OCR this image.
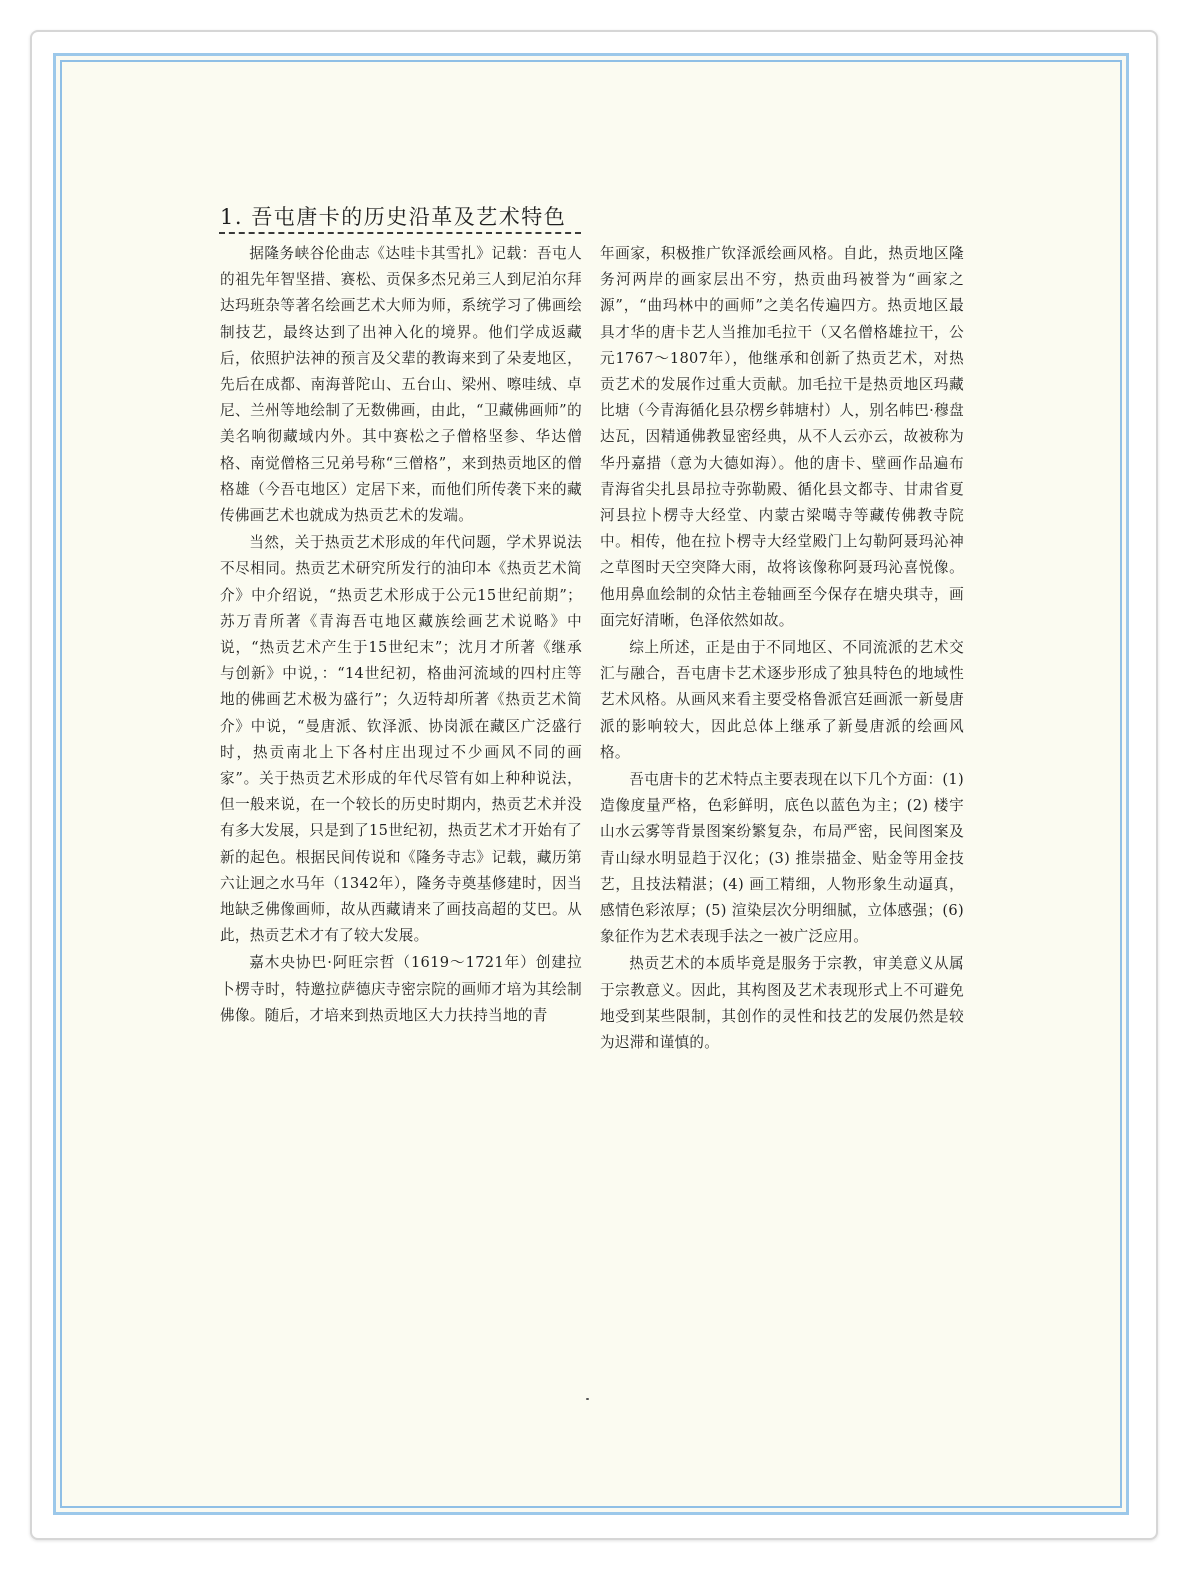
1. 吾屯唐卡的历史沿革及艺术特色

据隆务峡谷伦曲志《达哇卡其雪扎》记载：吾屯人的祖先年智坚措、赛松、贡保多杰兄弟三人到尼泊尔拜达玛班杂等著名绘画艺术大师为师，系统学习了佛画绘制技艺，最终达到了出神入化的境界。他们学成返藏后，依照护法神的预言及父辈的教诲来到了朵麦地区，先后在成都、南海普陀山、五台山、梁州、嚓哇绒、卓尼、兰州等地绘制了无数佛画，由此，“卫藏佛画师”的美名响彻藏域内外。其中赛松之子僧格坚参、华达僧格、南觉僧格三兄弟号称“三僧格”，来到热贡地区的僧格雄（今吾屯地区）定居下来，而他们所传袭下来的藏传佛画艺术也就成为热贡艺术的发端。

当然，关于热贡艺术形成的年代问题，学术界说法不尽相同。热贡艺术研究所发行的油印本《热贡艺术简介》中介绍说，“热贡艺术形成于公元15世纪前期”；苏万青所著《青海吾屯地区藏族绘画艺术说略》中说，“热贡艺术产生于15世纪末”；沈月才所著《继承与创新》中说，：“14世纪初，格曲河流域的四村庄等地的佛画艺术极为盛行”；久迈特却所著《热贡艺术简介》中说，“曼唐派、钦泽派、协岗派在藏区广泛盛行时，热贡南北上下各村庄出现过不少画风不同的画家”。关于热贡艺术形成的年代尽管有如上种种说法，但一般来说，在一个较长的历史时期内，热贡艺术并没有多大发展，只是到了15世纪初，热贡艺术才开始有了新的起色。根据民间传说和《隆务寺志》记载，藏历第六让迥之水马年（1342年），隆务寺奠基修建时，因当地缺乏佛像画师，故从西藏请来了画技高超的艾巴。从此，热贡艺术才有了较大发展。

嘉木央协巴·阿旺宗哲（1619～1721年）创建拉卜楞寺时，特邀拉萨德庆寺密宗院的画师才培为其绘制佛像。随后，才培来到热贡地区大力扶持当地的青

年画家，积极推广钦泽派绘画风格。自此，热贡地区隆务河两岸的画家层出不穷，热贡曲玛被誉为“画家之源”，“曲玛林中的画师”之美名传遍四方。热贡地区最具才华的唐卡艺人当推加毛拉干（又名僧格雄拉干，公元1767～1807年），他继承和创新了热贡艺术，对热贡艺术的发展作过重大贡献。加毛拉干是热贡地区玛藏比塘（今青海循化县尕楞乡韩塘村）人，别名帏巴·穆盘达瓦，因精通佛教显密经典，从不人云亦云，故被称为华丹嘉措（意为大德如海）。他的唐卡、壁画作品遍布青海省尖扎县昂拉寺弥勒殿、循化县文都寺、甘肃省夏河县拉卜楞寺大经堂、内蒙古梁噶寺等藏传佛教寺院中。相传，他在拉卜楞寺大经堂殿门上勾勒阿聂玛沁神之草图时天空突降大雨，故将该像称阿聂玛沁喜悦像。他用鼻血绘制的众怙主卷轴画至今保存在塘央琪寺，画面完好清晰，色泽依然如故。

综上所述，正是由于不同地区、不同流派的艺术交汇与融合，吾屯唐卡艺术逐步形成了独具特色的地域性艺术风格。从画风来看主要受格鲁派宫廷画派一新曼唐派的影响较大，因此总体上继承了新曼唐派的绘画风格。

吾屯唐卡的艺术特点主要表现在以下几个方面：(1) 造像度量严格，色彩鲜明，底色以蓝色为主；(2) 楼宇山水云雾等背景图案纷繁复杂，布局严密，民间图案及青山绿水明显趋于汉化；(3) 推崇描金、贴金等用金技艺，且技法精湛；(4) 画工精细，人物形象生动逼真，感情色彩浓厚；(5) 渲染层次分明细腻，立体感强；(6) 象征作为艺术表现手法之一被广泛应用。

热贡艺术的本质毕竟是服务于宗教，审美意义从属于宗教意义。因此，其构图及艺术表现形式上不可避免地受到某些限制，其创作的灵性和技艺的发展仍然是较为迟滞和谨慎的。
